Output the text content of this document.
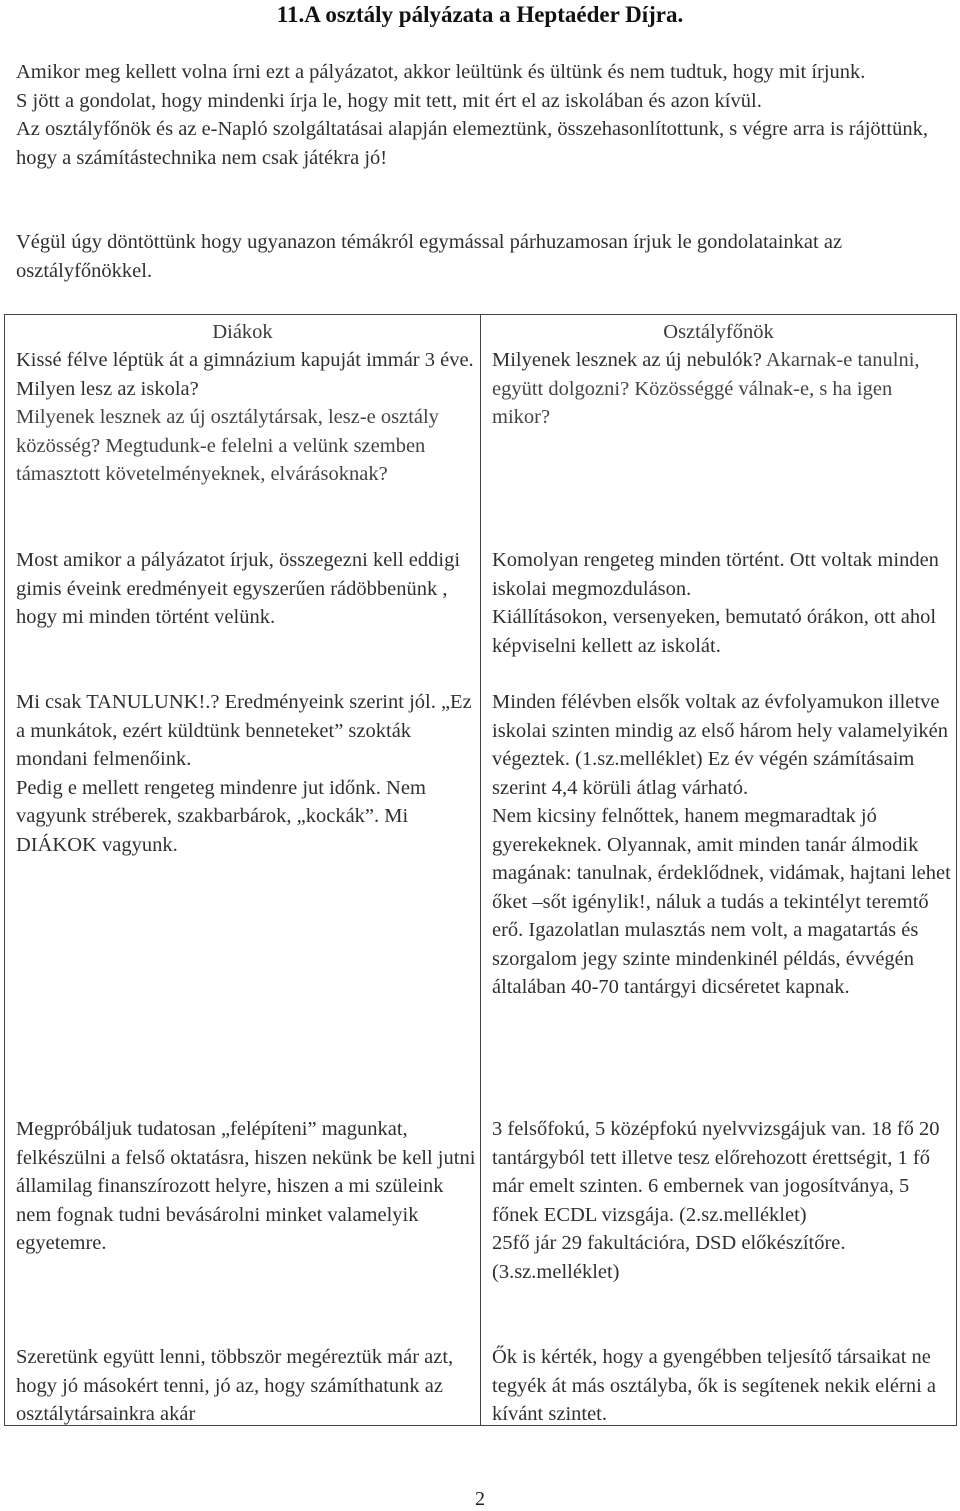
11.A osztály pályázata a Heptaéder Díjra.

Amikor meg kellett volna írni ezt a pályázatot, akkor leültünk és ültünk és nem tudtuk, hogy mit írjunk.

S jött a gondolat, hogy mindenki írja le, hogy mit tett, mit ért el az iskolában és azon kívül.

Az osztályfőnök és az e-Napló szolgáltatásai alapján elemeztünk, összehasonlítottunk, s végre arra is rájöttünk, hogy a számítástechnika nem csak játékra jó!

Végül úgy döntöttünk hogy ugyanazon témákról egymással párhuzamosan írjuk le gondolatainkat az osztályfőnökkel.

Diákok

Kissé félve léptük át a gimnázium kapuját immár 3 éve. Milyen lesz az iskola?

Milyenek lesznek az új osztálytársak, lesz-e osztály közösség? Megtudunk-e felelni a velünk szemben támasztott követelményeknek, elvárásoknak?

Most amikor a pályázatot írjuk, összegezni kell eddigi gimis éveink eredményeit egyszerűen rádöbbenünk , hogy mi minden történt velünk.

Mi csak TANULUNK!.? Eredményeink szerint jól. „Ez a munkátok, ezért küldtünk benneteket” szokták mondani felmenőink.

Pedig e mellett rengeteg mindenre jut időnk. Nem vagyunk stréberek, szakbarbárok, „kockák”. Mi DIÁKOK vagyunk.

Megpróbáljuk tudatosan „felépíteni” magunkat, felkészülni a felső oktatásra, hiszen nekünk be kell jutni államilag finanszírozott helyre, hiszen a mi szüleink nem fognak tudni bevásárolni minket valamelyik egyetemre.

Szeretünk együtt lenni, többször megéreztük már azt, hogy jó másokért tenni, jó az, hogy számíthatunk az osztálytársainkra akár

Osztályfőnök

Milyenek lesznek az új nebulók? Akarnak-e tanulni, együtt dolgozni? Közösséggé válnak-e, s ha igen mikor?

Komolyan rengeteg minden történt. Ott voltak minden iskolai megmozduláson.

Kiállításokon, versenyeken, bemutató órákon, ott ahol képviselni kellett az iskolát.

Minden félévben elsők voltak az évfolyamukon illetve iskolai szinten mindig az első három hely valamelyikén végeztek. (1.sz.melléklet) Ez év végén számításaim szerint 4,4 körüli átlag várható.

Nem kicsiny felnőttek, hanem megmaradtak jó gyerekeknek. Olyannak, amit minden tanár álmodik magának: tanulnak, érdeklődnek, vidámak, hajtani lehet őket –sőt igénylik!, náluk a tudás a tekintélyt teremtő erő. Igazolatlan mulasztás nem volt, a magatartás és szorgalom jegy szinte mindenkinél példás, évvégén általában 40-70 tantárgyi dicséretet kapnak.

3 felsőfokú, 5 középfokú nyelvvizsgájuk van. 18 fő 20 tantárgyból tett illetve tesz előrehozott érettségit, 1 fő már emelt szinten. 6 embernek van jogosítványa, 5 főnek ECDL vizsgája. (2.sz.melléklet)

25fő jár 29 fakultációra, DSD előkészítőre. (3.sz.melléklet)

Ők is kérték, hogy a gyengébben teljesítő társaikat ne tegyék át más osztályba, ők is segítenek nekik elérni a kívánt szintet.

2
